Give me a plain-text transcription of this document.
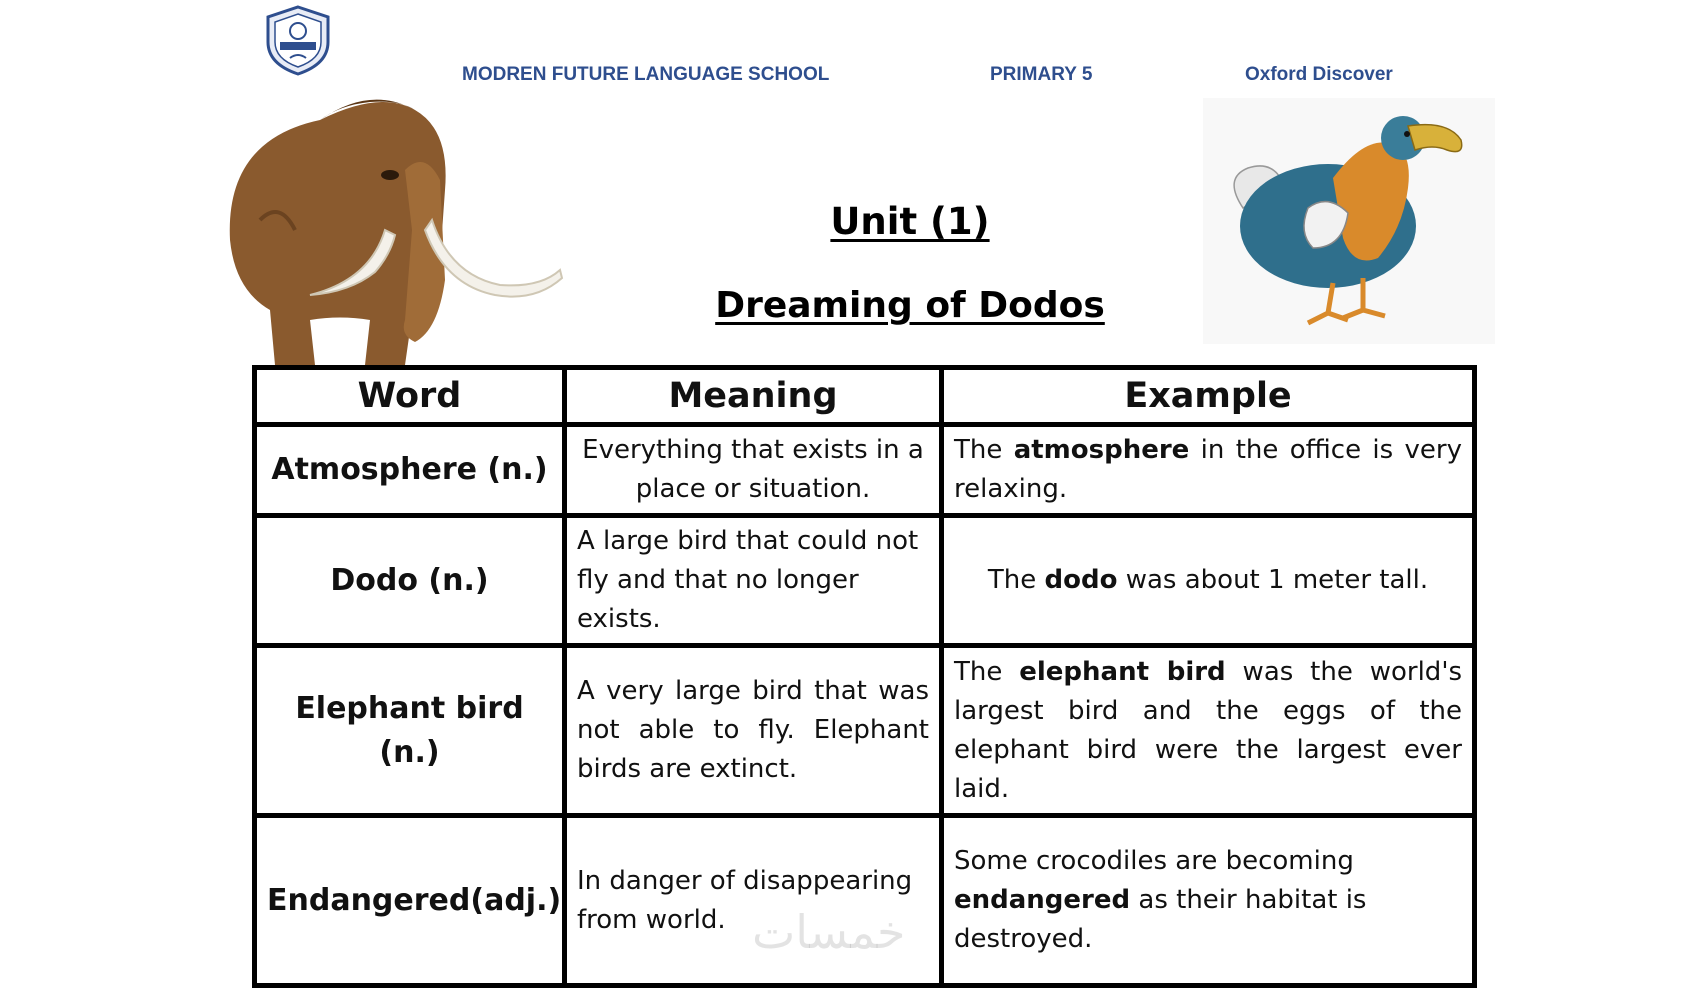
MODREN FUTURE LANGUAGE SCHOOL	PRIMARY 5	Oxford Discover
Unit (1)
Dreaming of Dodos
Word	Meaning	Example
Atmosphere (n.)	Everything that exists in a place or situation.	The atmosphere in the office is very relaxing.
Dodo (n.)	A large bird that could not fly and that no longer exists.	The dodo was about 1 meter tall.
Elephant bird (n.)	A very large bird that was not able to fly. Elephant birds are extinct.	The elephant bird was the world's largest bird and the eggs of the elephant bird were the largest ever laid.
Endangered(adj.)	In danger of disappearing from world.	Some crocodiles are becoming endangered as their habitat is destroyed.
خمسات
